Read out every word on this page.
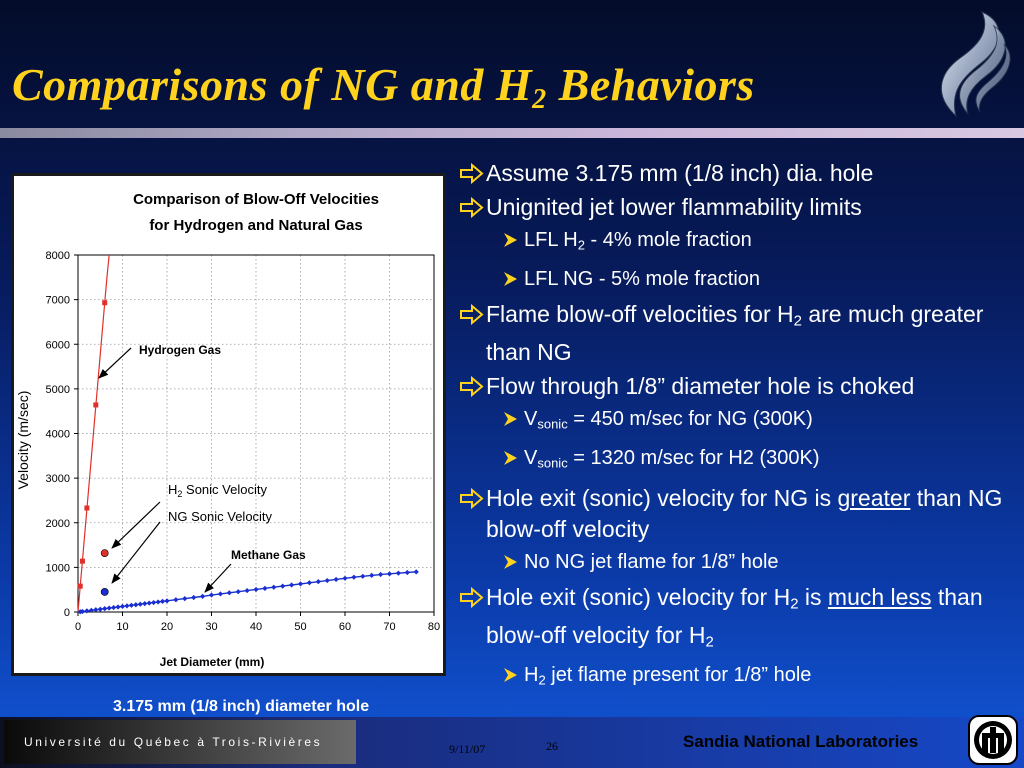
Comparisons of NG and $H_2$ Behaviors
Comparison of Blow-Off Velocities
for Hydrogen and Natural Gas
0
1000
2000
3000
4000
5000
6000
7000
8000
0	10	20	30	40	50	60	70	80
Jet Diameter (mm)
Velocity (m/sec)
Hydrogen Gas
$H_2$ Sonic Velocity
NG Sonic Velocity
Methane Gas
3.175 mm (1/8 inch) diameter hole
Assume 3.175 mm (1/8 inch) dia. hole
Unignited jet lower flammability limits
LFL $H_2 - 4\%$ mole fraction
LFL NG - 5% mole fraction
Flame blow-off velocities for $H_2$ are much greater than NG
Flow through 1/8” diameter hole is choked
$V_{sonic} = 450$ m/sec for NG (300K)
$V_{sonic} = 1320$ m/sec for H2 (300K)
Hole exit (sonic) velocity for NG is greater than NG blow-off velocity
No NG jet flame for 1/8” hole
Hole exit (sonic) velocity for $H_2$ is much less than blow-off velocity for $H_2$
$H_2$ jet flame present for 1/8” hole
Université du Québec à Trois-Rivières	9/11/07	26	Sandia National Laboratories
